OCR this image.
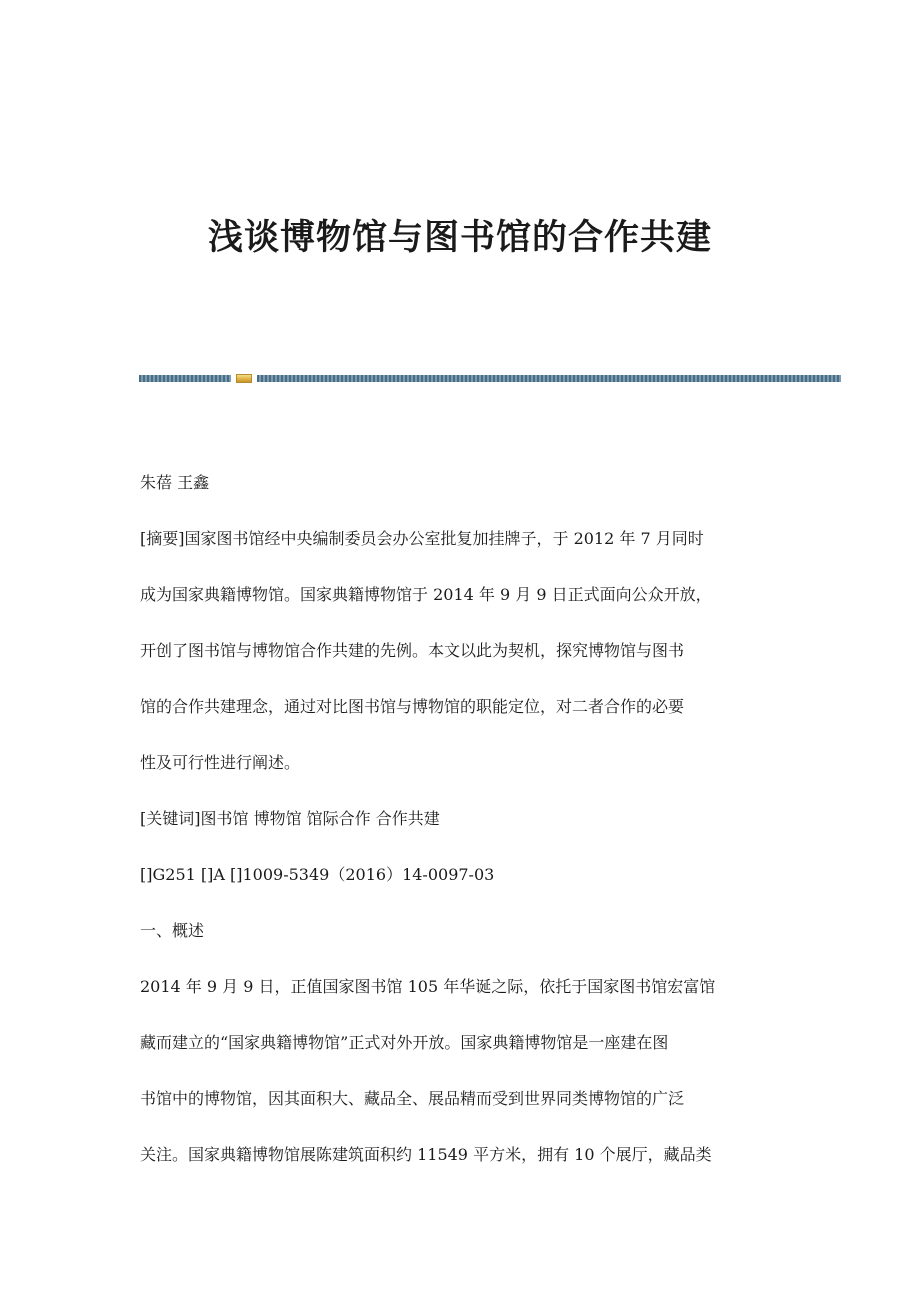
浅谈博物馆与图书馆的合作共建

朱蓓 王鑫

[摘要]国家图书馆经中央编制委员会办公室批复加挂牌子，于 2012 年 7 月同时

成为国家典籍博物馆。国家典籍博物馆于 2014 年 9 月 9 日正式面向公众开放，

开创了图书馆与博物馆合作共建的先例。本文以此为契机，探究博物馆与图书

馆的合作共建理念，通过对比图书馆与博物馆的职能定位，对二者合作的必要

性及可行性进行阐述。

[关键词]图书馆 博物馆 馆际合作 合作共建

[]G251 []A []1009-5349（2016）14-0097-03

一、概述

2014 年 9 月 9 日，正值国家图书馆 105 年华诞之际，依托于国家图书馆宏富馆

藏而建立的“国家典籍博物馆”正式对外开放。国家典籍博物馆是一座建在图

书馆中的博物馆，因其面积大、藏品全、展品精而受到世界同类博物馆的广泛

关注。国家典籍博物馆展陈建筑面积约 11549 平方米，拥有 10 个展厅，藏品类
